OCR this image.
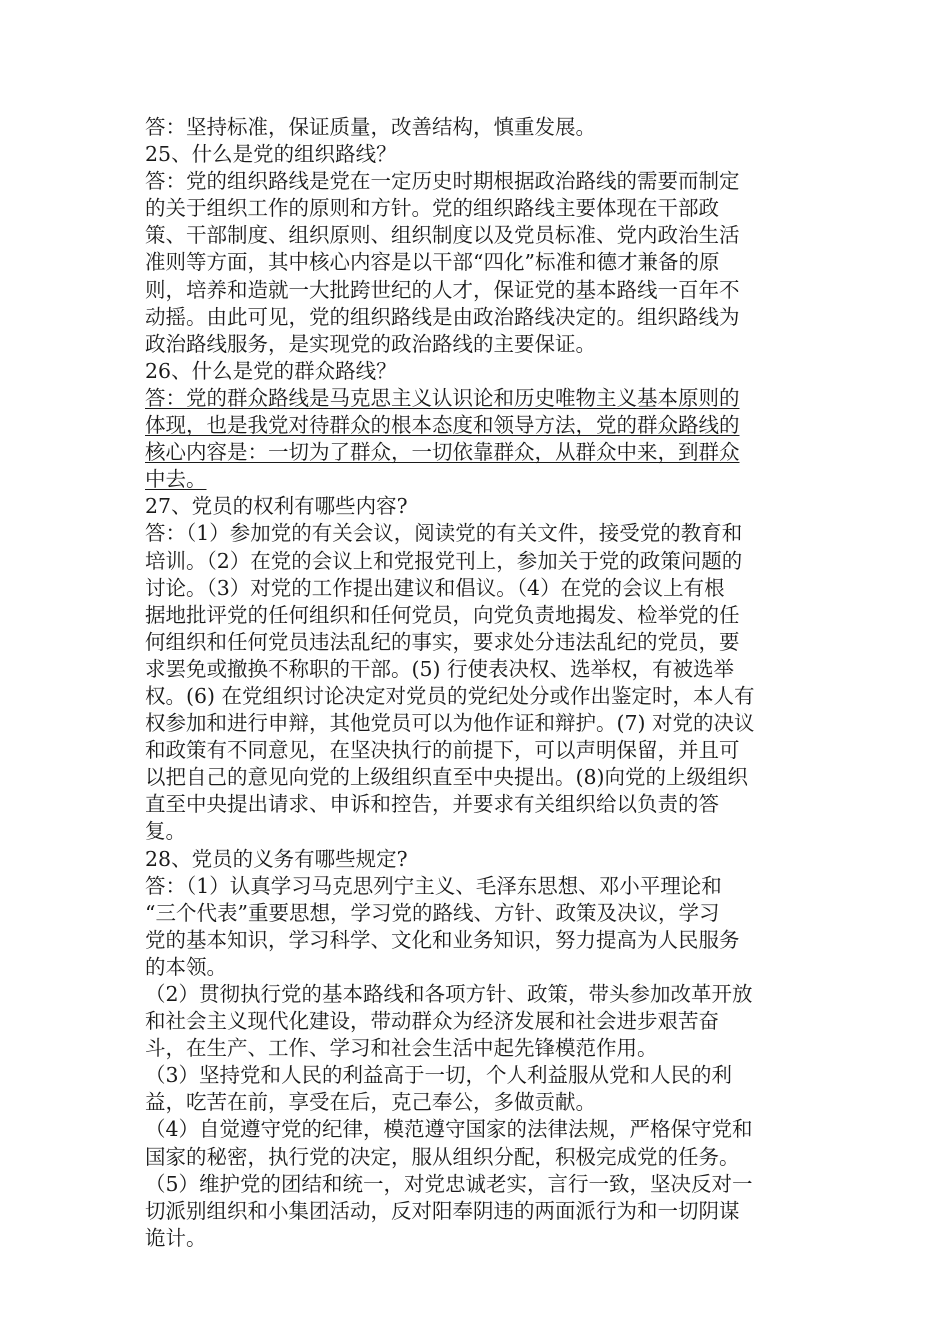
答：坚持标准，保证质量，改善结构，慎重发展。
25、什么是党的组织路线？
答：党的组织路线是党在一定历史时期根据政治路线的需要而制定
的关于组织工作的原则和方针。党的组织路线主要体现在干部政
策、干部制度、组织原则、组织制度以及党员标准、党内政治生活
准则等方面，其中核心内容是以干部“四化”标准和德才兼备的原
则，培养和造就一大批跨世纪的人才，保证党的基本路线一百年不
动摇。由此可见，党的组织路线是由政治路线决定的。组织路线为
政治路线服务，是实现党的政治路线的主要保证。
26、什么是党的群众路线？
答：党的群众路线是马克思主义认识论和历史唯物主义基本原则的
体现，也是我党对待群众的根本态度和领导方法，党的群众路线的
核心内容是：一切为了群众，一切依靠群众，从群众中来，到群众
中去。
27、党员的权利有哪些内容?
答：（1）参加党的有关会议，阅读党的有关文件，接受党的教育和
培训。（2）在党的会议上和党报党刊上，参加关于党的政策问题的
讨论。（3）对党的工作提出建议和倡议。（4）在党的会议上有根
据地批评党的任何组织和任何党员，向党负责地揭发、检举党的任
何组织和任何党员违法乱纪的事实，要求处分违法乱纪的党员，要
求罢免或撤换不称职的干部。(5) 行使表决权、选举权，有被选举
权。(6) 在党组织讨论决定对党员的党纪处分或作出鉴定时，本人有
权参加和进行申辩，其他党员可以为他作证和辩护。(7) 对党的决议
和政策有不同意见，在坚决执行的前提下，可以声明保留，并且可
以把自己的意见向党的上级组织直至中央提出。(8)向党的上级组织
直至中央提出请求、申诉和控告，并要求有关组织给以负责的答
复。
28、党员的义务有哪些规定?
答：（1）认真学习马克思列宁主义、毛泽东思想、邓小平理论和
“三个代表”重要思想，学习党的路线、方针、政策及决议，学习
党的基本知识，学习科学、文化和业务知识，努力提高为人民服务
的本领。
（2）贯彻执行党的基本路线和各项方针、政策，带头参加改革开放
和社会主义现代化建设，带动群众为经济发展和社会进步艰苦奋
斗，在生产、工作、学习和社会生活中起先锋模范作用。
（3）坚持党和人民的利益高于一切，个人利益服从党和人民的利
益，吃苦在前，享受在后，克己奉公，多做贡献。
（4）自觉遵守党的纪律，模范遵守国家的法律法规，严格保守党和
国家的秘密，执行党的决定，服从组织分配，积极完成党的任务。
（5）维护党的团结和统一，对党忠诚老实，言行一致，坚决反对一
切派别组织和小集团活动，反对阳奉阴违的两面派行为和一切阴谋
诡计。
